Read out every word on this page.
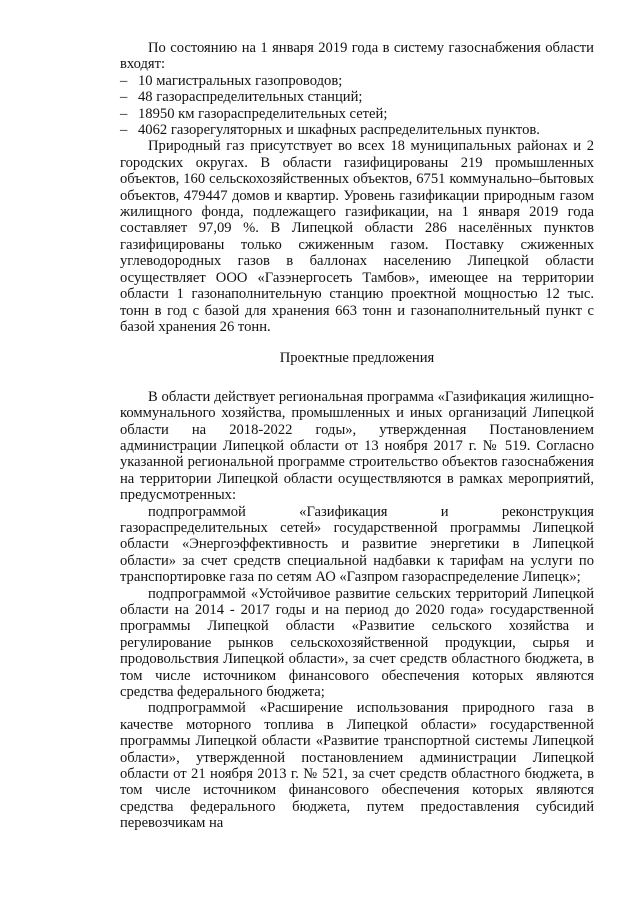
По состоянию на 1 января 2019 года в систему газоснабжения области входят:

– 10 магистральных газопроводов;
– 48 газораспределительных станций;
– 18950 км газораспределительных сетей;
– 4062 газорегуляторных и шкафных распределительных пунктов.

Природный газ присутствует во всех 18 муниципальных районах и 2 городских округах. В области газифицированы 219 промышленных объектов, 160 сельскохозяйственных объектов, 6751 коммунально–бытовых объектов, 479447 домов и квартир. Уровень газификации природным газом жилищного фонда, подлежащего газификации, на 1 января 2019 года составляет 97,09 %. В Липецкой области 286 населённых пунктов газифицированы только сжиженным газом. Поставку сжиженных углеводородных газов в баллонах населению Липецкой области осуществляет ООО «Газэнергосеть Тамбов», имеющее на территории области 1 газонаполнительную станцию проектной мощностью 12 тыс. тонн в год с базой для хранения 663 тонн и газонаполнительный пункт с базой хранения 26 тонн.

Проектные предложения

В области действует региональная программа «Газификация жилищно-коммунального хозяйства, промышленных и иных организаций Липецкой области на 2018-2022 годы», утвержденная Постановлением администрации Липецкой области от 13 ноября 2017 г. № 519. Согласно указанной региональной программе строительство объектов газоснабжения на территории Липецкой области осуществляются в рамках мероприятий, предусмотренных:

подпрограммой «Газификация и реконструкция газораспределительных сетей» государственной программы Липецкой области «Энергоэффективность и развитие энергетики в Липецкой области» за счет средств специальной надбавки к тарифам на услуги по транспортировке газа по сетям АО «Газпром газораспределение Липецк»;

подпрограммой «Устойчивое развитие сельских территорий Липецкой области на 2014 - 2017 годы и на период до 2020 года» государственной программы Липецкой области «Развитие сельского хозяйства и регулирование рынков сельскохозяйственной продукции, сырья и продовольствия Липецкой области», за счет средств областного бюджета, в том числе источником финансового обеспечения которых являются средства федерального бюджета;

подпрограммой «Расширение использования природного газа в качестве моторного топлива в Липецкой области» государственной программы Липецкой области «Развитие транспортной системы Липецкой области», утвержденной постановлением администрации Липецкой области от 21 ноября 2013 г. № 521, за счет средств областного бюджета, в том числе источником финансового обеспечения которых являются средства федерального бюджета, путем предоставления субсидий перевозчикам на
